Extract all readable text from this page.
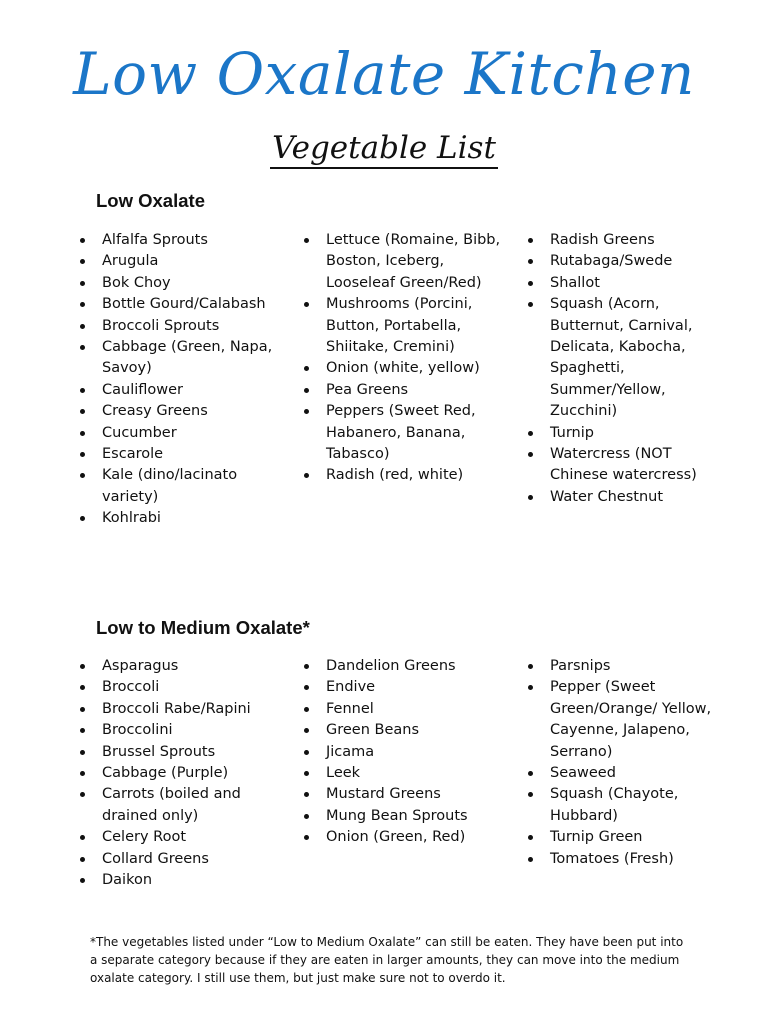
Low Oxalate Kitchen
Vegetable List
Low Oxalate
Alfalfa Sprouts
Arugula
Bok Choy
Bottle Gourd/Calabash
Broccoli Sprouts
Cabbage (Green, Napa, Savoy)
Cauliflower
Creasy Greens
Cucumber
Escarole
Kale (dino/lacinato variety)
Kohlrabi
Lettuce (Romaine, Bibb, Boston, Iceberg, Looseleaf Green/Red)
Mushrooms (Porcini, Button, Portabella, Shiitake, Cremini)
Onion (white, yellow)
Pea Greens
Peppers (Sweet Red, Habanero, Banana, Tabasco)
Radish (red, white)
Radish Greens
Rutabaga/Swede
Shallot
Squash (Acorn, Butternut, Carnival, Delicata, Kabocha, Spaghetti, Summer/Yellow, Zucchini)
Turnip
Watercress (NOT Chinese watercress)
Water Chestnut
Low to Medium Oxalate*
Asparagus
Broccoli
Broccoli Rabe/Rapini
Broccolini
Brussel Sprouts
Cabbage (Purple)
Carrots (boiled and drained only)
Celery Root
Collard Greens
Daikon
Dandelion Greens
Endive
Fennel
Green Beans
Jicama
Leek
Mustard Greens
Mung Bean Sprouts
Onion (Green, Red)
Parsnips
Pepper (Sweet Green/Orange/ Yellow, Cayenne, Jalapeno, Serrano)
Seaweed
Squash (Chayote, Hubbard)
Turnip Green
Tomatoes (Fresh)
*The vegetables listed under “Low to Medium Oxalate” can still be eaten. They have been put into a separate category because if they are eaten in larger amounts, they can move into the medium oxalate category. I still use them, but just make sure not to overdo it.
